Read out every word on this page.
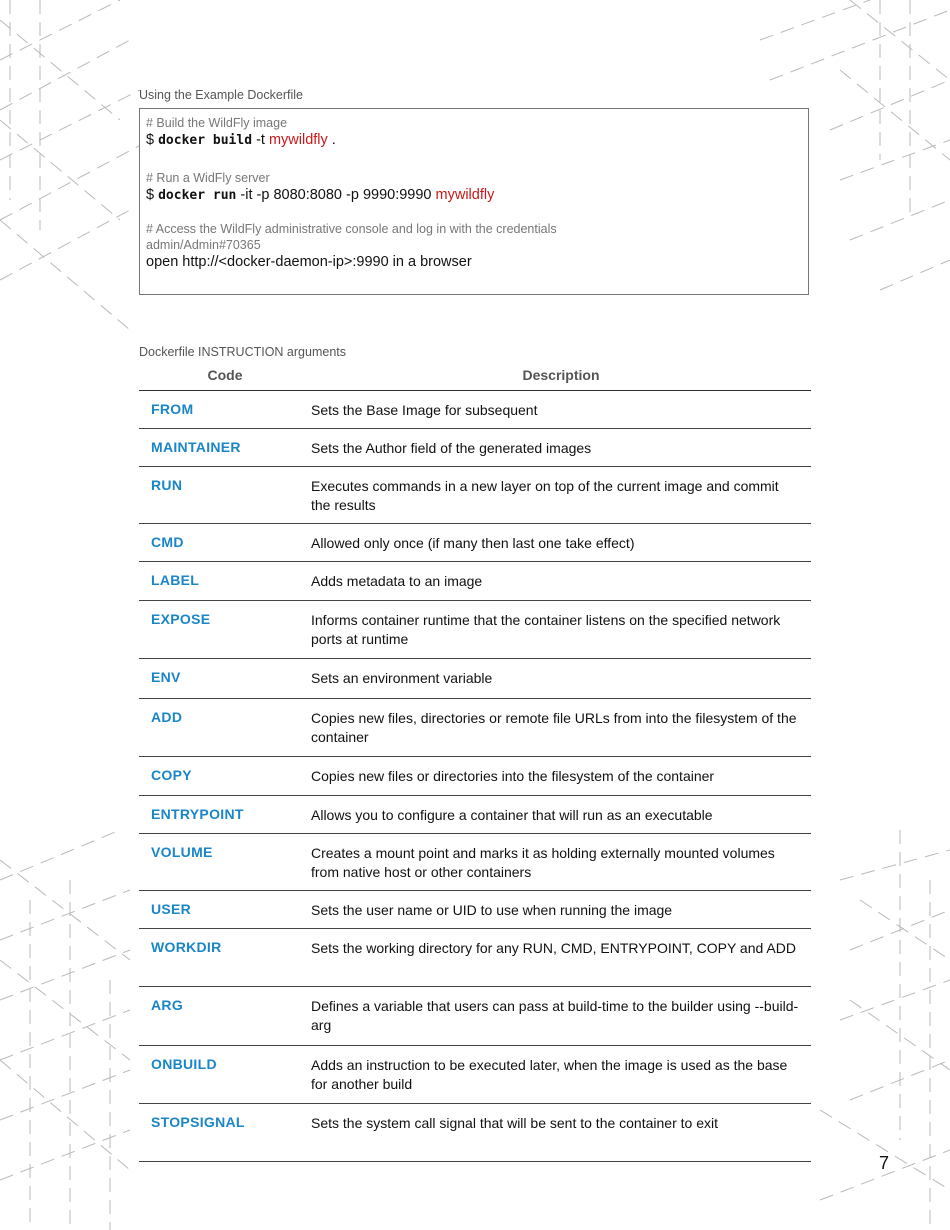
Using the Example Dockerfile
# Build the WildFly image
$ docker build -t mywildfly .
# Run a WidFly server
$ docker run -it -p 8080:8080 -p 9990:9990 mywildfly
# Access the WildFly administrative console and log in with the credentials
admin/Admin#70365
open http://<docker-daemon-ip>:9990 in a browser
Dockerfile INSTRUCTION arguments
Code	Description
FROM	Sets the Base Image for subsequent
MAINTAINER	Sets the Author field of the generated images
RUN	Executes commands in a new layer on top of the current image and commit the results
CMD	Allowed only once (if many then last one take effect)
LABEL	Adds metadata to an image
EXPOSE	Informs container runtime that the container listens on the specified network ports at runtime
ENV	Sets an environment variable
ADD	Copies new files, directories or remote file URLs from into the filesystem of the container
COPY	Copies new files or directories into the filesystem of the container
ENTRYPOINT	Allows you to configure a container that will run as an executable
VOLUME	Creates a mount point and marks it as holding externally mounted volumes from native host or other containers
USER	Sets the user name or UID to use when running the image
WORKDIR	Sets the working directory for any RUN, CMD, ENTRYPOINT, COPY and ADD
ARG	Defines a variable that users can pass at build-time to the builder using --build-arg
ONBUILD	Adds an instruction to be executed later, when the image is used as the base for another build
STOPSIGNAL	Sets the system call signal that will be sent to the container to exit
7
